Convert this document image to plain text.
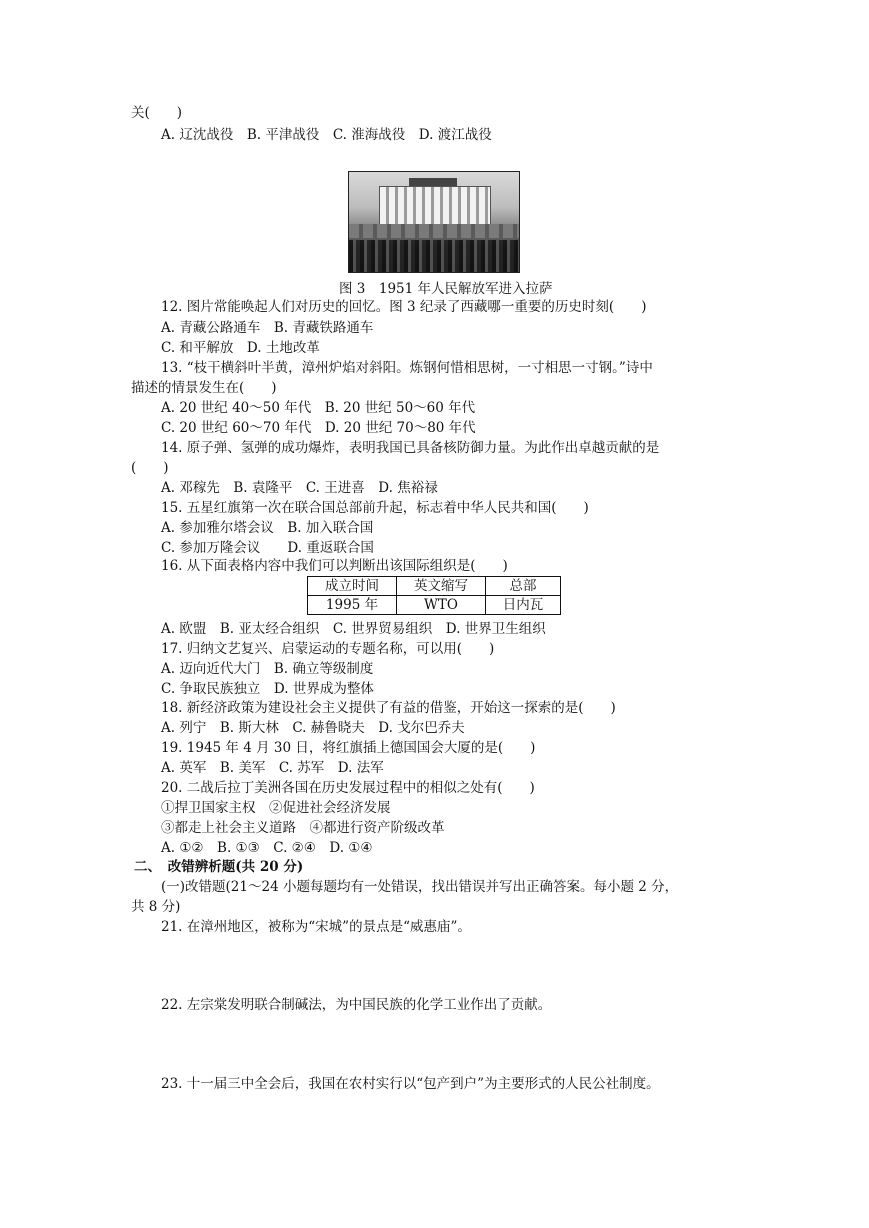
关(　　)
A. 辽沈战役　B. 平津战役　C. 淮海战役　D. 渡江战役
图 3　1951 年人民解放军进入拉萨
12. 图片常能唤起人们对历史的回忆。图 3 纪录了西藏哪一重要的历史时刻(　　)
A. 青藏公路通车　B. 青藏铁路通车
C. 和平解放　D. 土地改革
13. “枝干横斜叶半黄，漳州炉焰对斜阳。炼钢何惜相思树，一寸相思一寸钢。”诗中
描述的情景发生在(　　)
A. 20 世纪 40～50 年代　B. 20 世纪 50～60 年代
C. 20 世纪 60～70 年代　D. 20 世纪 70～80 年代
14. 原子弹、氢弹的成功爆炸，表明我国已具备核防御力量。为此作出卓越贡献的是
(　　)
A. 邓稼先　B. 袁隆平　C. 王进喜　D. 焦裕禄
15. 五星红旗第一次在联合国总部前升起，标志着中华人民共和国(　　)
A. 参加雅尔塔会议　B. 加入联合国
C. 参加万隆会议　　D. 重返联合国
16. 从下面表格内容中我们可以判断出该国际组织是(　　)
成立时间	英文缩写	总部
1995 年	WTO	日内瓦
A. 欧盟　B. 亚太经合组织　C. 世界贸易组织　D. 世界卫生组织
17. 归纳文艺复兴、启蒙运动的专题名称，可以用(　　)
A. 迈向近代大门　B. 确立等级制度
C. 争取民族独立　D. 世界成为整体
18. 新经济政策为建设社会主义提供了有益的借鉴，开始这一探索的是(　　)
A. 列宁　B. 斯大林　C. 赫鲁晓夫　D. 戈尔巴乔夫
19. 1945 年 4 月 30 日，将红旗插上德国国会大厦的是(　　)
A. 英军　B. 美军　C. 苏军　D. 法军
20. 二战后拉丁美洲各国在历史发展过程中的相似之处有(　　)
①捍卫国家主权　②促进社会经济发展
③都走上社会主义道路　④都进行资产阶级改革
A. ①②　B. ①③　C. ②④　D. ①④
二、　改错辨析题(共 20 分)
(一)改错题(21～24 小题每题均有一处错误，找出错误并写出正确答案。每小题 2 分，
共 8 分)
21. 在漳州地区，被称为“宋城”的景点是“威惠庙”。
22. 左宗棠发明联合制碱法，为中国民族的化学工业作出了贡献。
23. 十一届三中全会后，我国在农村实行以“包产到户”为主要形式的人民公社制度。
